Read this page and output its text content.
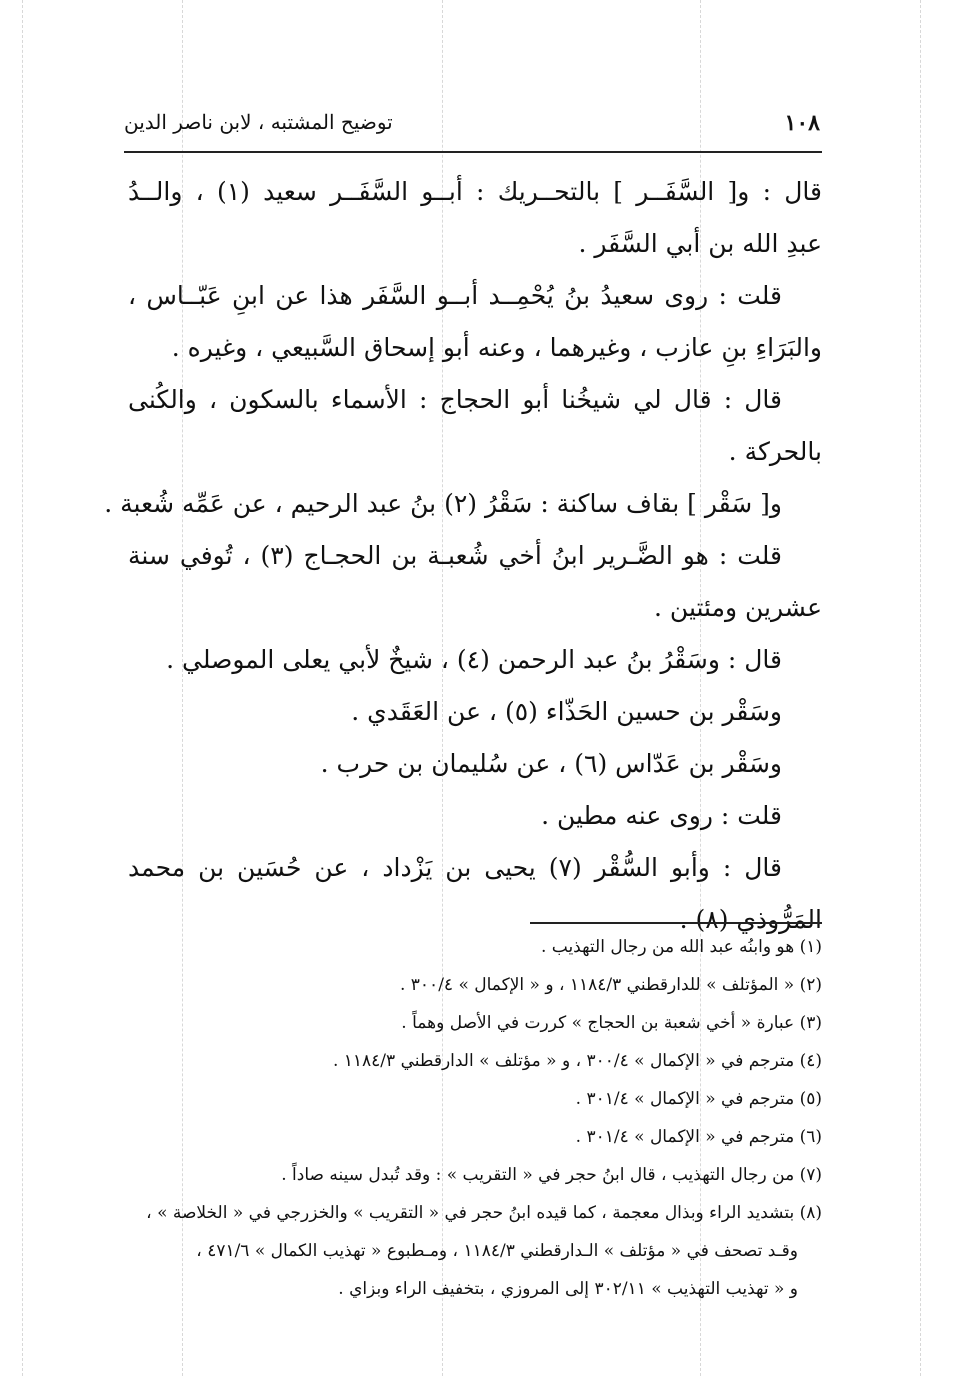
١٠٨
توضيح المشتبه ، لابن ناصر الدين
قال : و[ السَّفَــر ] بالتحــريك : أبــو السَّفَــر سعيد (١) ، والــدُ
عبدِ الله بن أبي السَّفَر .
قلت : روى سعيدُ بنُ يُحْمِــد أبــو السَّفَر هذا عن ابنِ عَبّــاس ،
والبَرَاءِ بنِ عازب ، وغيرهما ، وعنه أبو إسحاق السَّبيعي ، وغيره .
قال : قال لي شيخُنا أبو الحجاج : الأسماء بالسكون ، والكُنى
بالحركة .
و[ سَقْر ] بقاف ساكنة : سَقْرُ (٢) بنُ عبد الرحيم ، عن عَمِّه شُعبة .
قلت : هو الضَّـرير ابنُ أخي شُعبـة بن الحجـاج (٣) ، تُوفي سنة
عشرين ومئتين .
قال : وسَقْرُ بنُ عبد الرحمن (٤) ، شيخٌ لأبي يعلى الموصلي .
وسَقْر بن حسين الحَذّاء (٥) ، عن العَقَدي .
وسَقْر بن عَدّاس (٦) ، عن سُليمان بن حرب .
قلت : روى عنه مطين .
قال : وأبو السُّقْر (٧) يحيى بن يَزْداد ، عن حُسَين بن محمد
المَرُّوذي (٨) .
(١) هو وابنُه عبد الله من رجال التهذيب .
(٢) « المؤتلف » للدارقطني ١١٨٤/٣ ، و « الإكمال » ٣٠٠/٤ .
(٣) عبارة « أخي شعبة بن الحجاج » كررت في الأصل وهماً .
(٤) مترجم في « الإكمال » ٣٠٠/٤ ، و « مؤتلف » الدارقطني ١١٨٤/٣ .
(٥) مترجم في « الإكمال » ٣٠١/٤ .
(٦) مترجم في « الإكمال » ٣٠١/٤ .
(٧) من رجال التهذيب ، قال ابنُ حجر في « التقريب » : وقد تُبدل سينه صاداً .
(٨) بتشديد الراء وبذال معجمة ، كما قيده ابنُ حجر في « التقريب » والخزرجي في « الخلاصة » ،
وقـد تصحف في « مؤتلف » الـدارقطني ١١٨٤/٣ ، ومـطبوع « تهذيب الكمال » ٤٧١/٦ ،
و « تهذيب التهذيب » ٣٠٢/١١ إلى المروزي ، بتخفيف الراء وبزاي .
